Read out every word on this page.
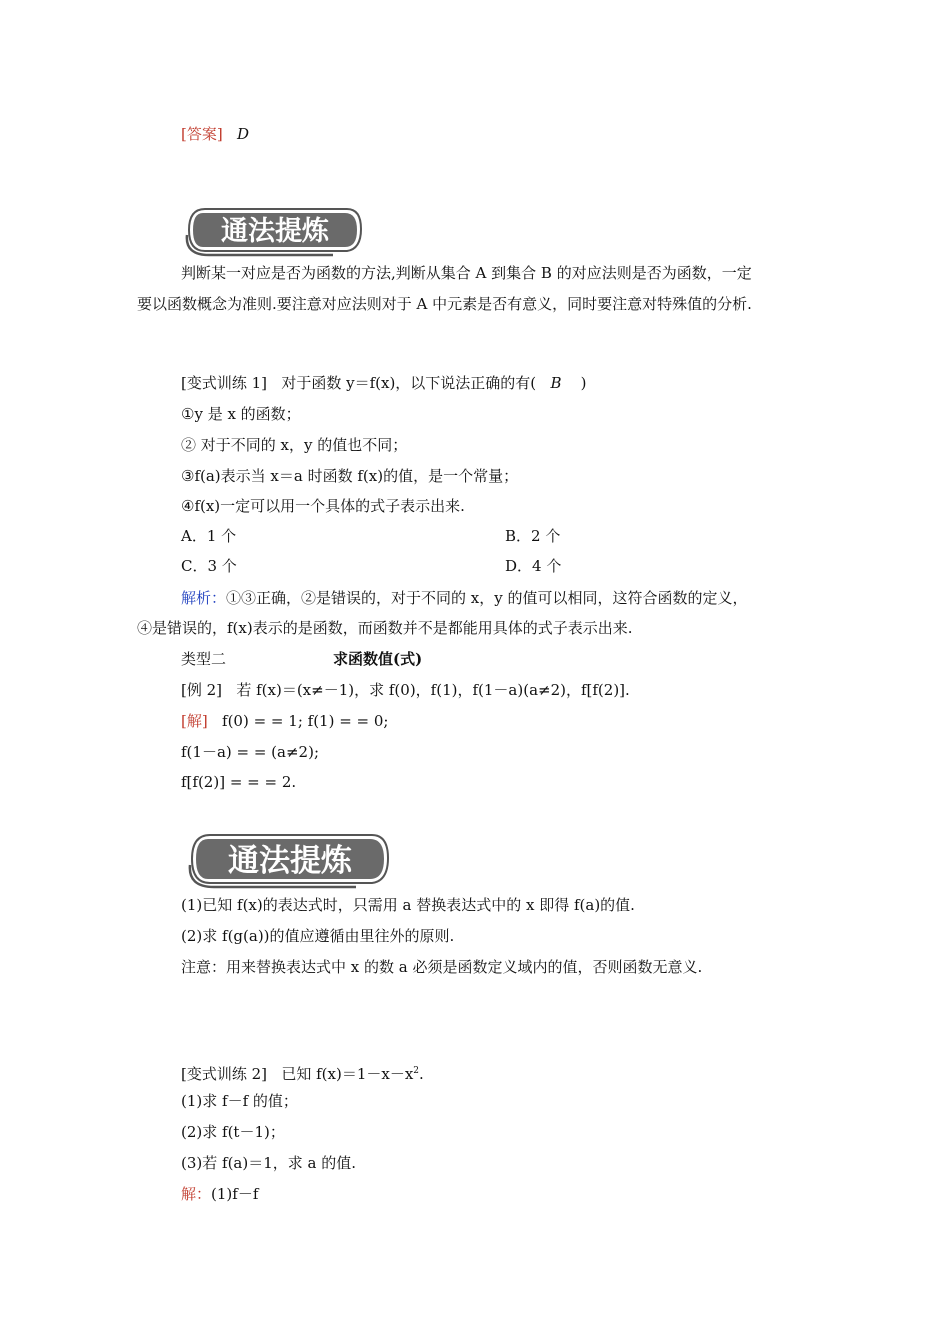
[答案] D
通法提炼
判断某一对应是否为函数的方法,判断从集合 A 到集合 B 的对应法则是否为函数，一定
要以函数概念为准则.要注意对应法则对于 A 中元素是否有意义，同时要注意对特殊值的分析.
[变式训练 1] 对于函数 y＝f(x)，以下说法正确的有( B )
①y 是 x 的函数；
② 对于不同的 x，y 的值也不同；
③f(a)表示当 x＝a 时函数 f(x)的值，是一个常量；
④f(x)一定可以用一个具体的式子表示出来.
A．1 个	B．2 个
C．3 个	D．4 个
解析：①③正确，②是错误的，对于不同的 x，y 的值可以相同，这符合函数的定义，
④是错误的，f(x)表示的是函数，而函数并不是都能用具体的式子表示出来.
类型二	求函数值(式)
[例 2] 若 f(x)＝(x≠－1)，求 f(0)，f(1)，f(1－a)(a≠2)，f[f(2)].
[解] f(0) = = 1; f(1) = = 0;
f(1－a) = = (a≠2);
f[f(2)] = = = 2.
通法提炼
(1)已知 f(x)的表达式时，只需用 a 替换表达式中的 x 即得 f(a)的值.
(2)求 f(g(a))的值应遵循由里往外的原则.
注意：用来替换表达式中 x 的数 a 必须是函数定义域内的值，否则函数无意义.
[变式训练 2] 已知 $f(x)=1-x-x^2$.
(1)求 f－f 的值；
(2)求 f(t－1)；
(3)若 f(a)＝1，求 a 的值.
解：(1)f－f
